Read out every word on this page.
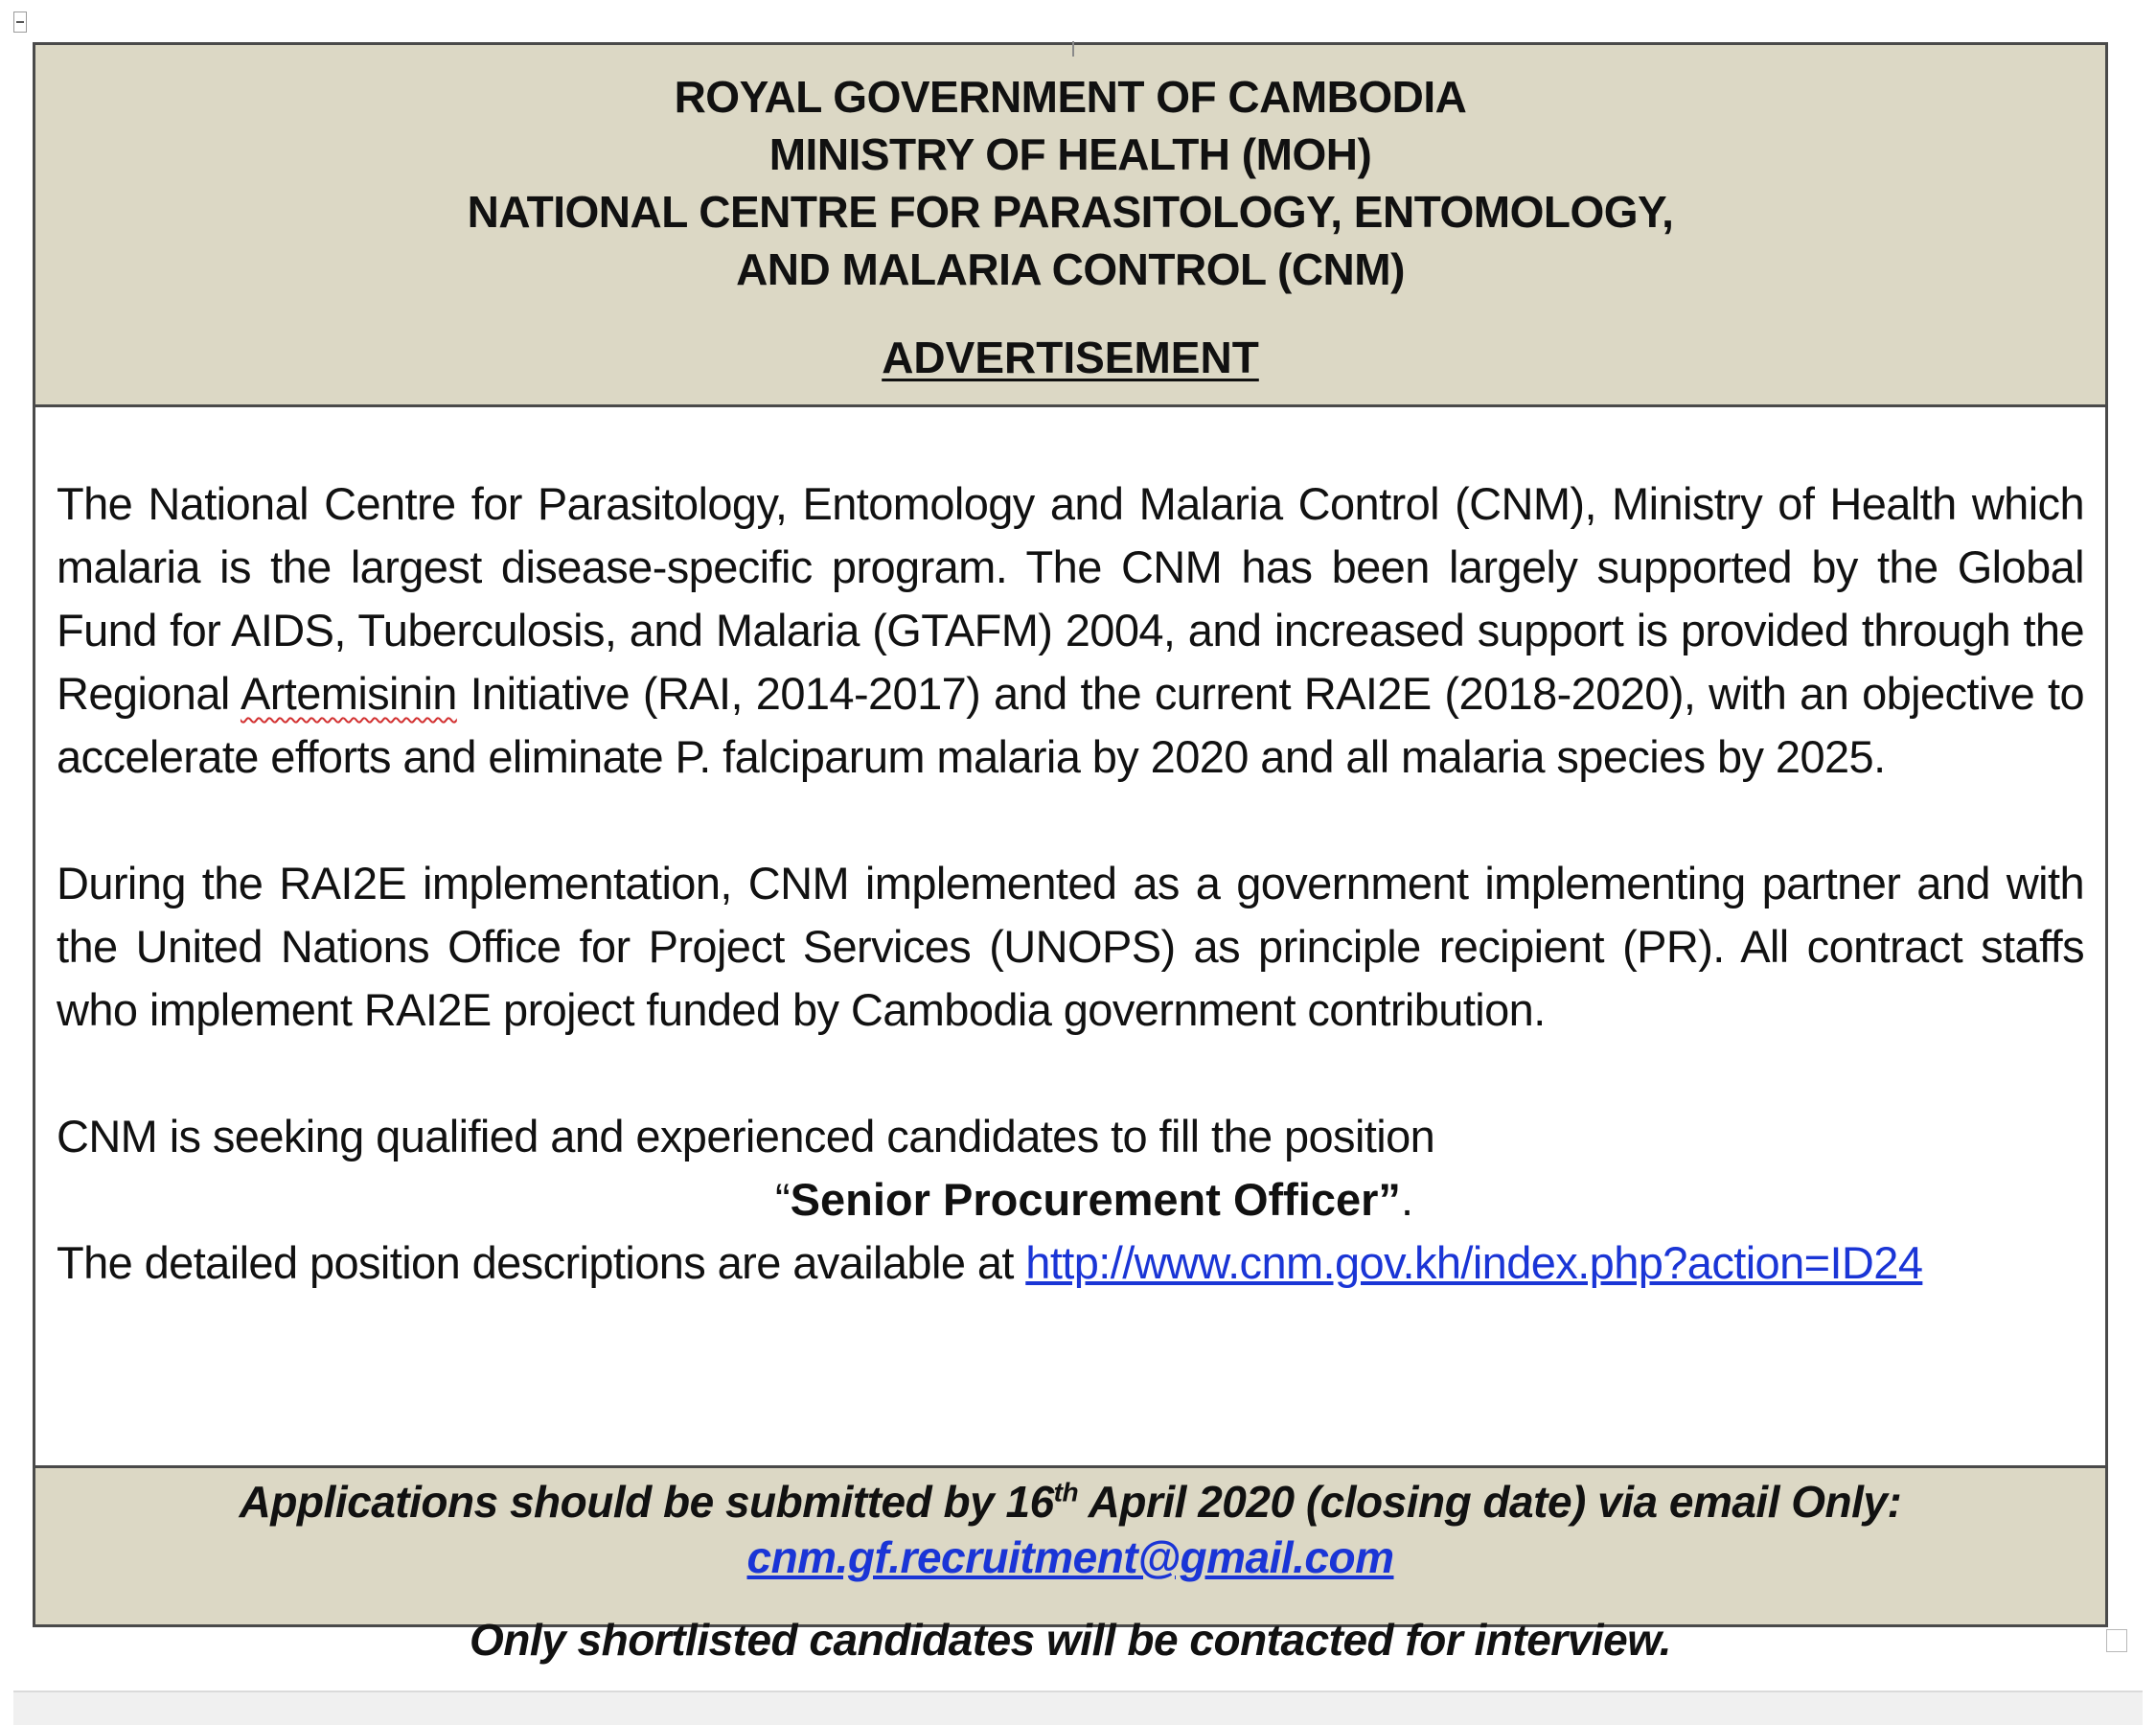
ROYAL GOVERNMENT OF CAMBODIA
MINISTRY OF HEALTH (MOH)
NATIONAL CENTRE FOR PARASITOLOGY, ENTOMOLOGY,
AND MALARIA CONTROL (CNM)
ADVERTISEMENT

The National Centre for Parasitology, Entomology and Malaria Control (CNM), Ministry of Health which malaria is the largest disease-specific program. The CNM has been largely supported by the Global Fund for AIDS, Tuberculosis, and Malaria (GTAFM) 2004, and increased support is provided through the Regional Artemisinin Initiative (RAI, 2014-2017) and the current RAI2E (2018-2020), with an objective to accelerate efforts and eliminate P. falciparum malaria by 2020 and all malaria species by 2025.

During the RAI2E implementation, CNM implemented as a government implementing partner and with the United Nations Office for Project Services (UNOPS) as principle recipient (PR). All contract staffs who implement RAI2E project funded by Cambodia government contribution.

CNM is seeking qualified and experienced candidates to fill the position

“Senior Procurement Officer”.

The detailed position descriptions are available at http://www.cnm.gov.kh/index.php?action=ID24

Applications should be submitted by 16th April 2020 (closing date) via email Only:
cnm.gf.recruitment@gmail.com
Only shortlisted candidates will be contacted for interview.
